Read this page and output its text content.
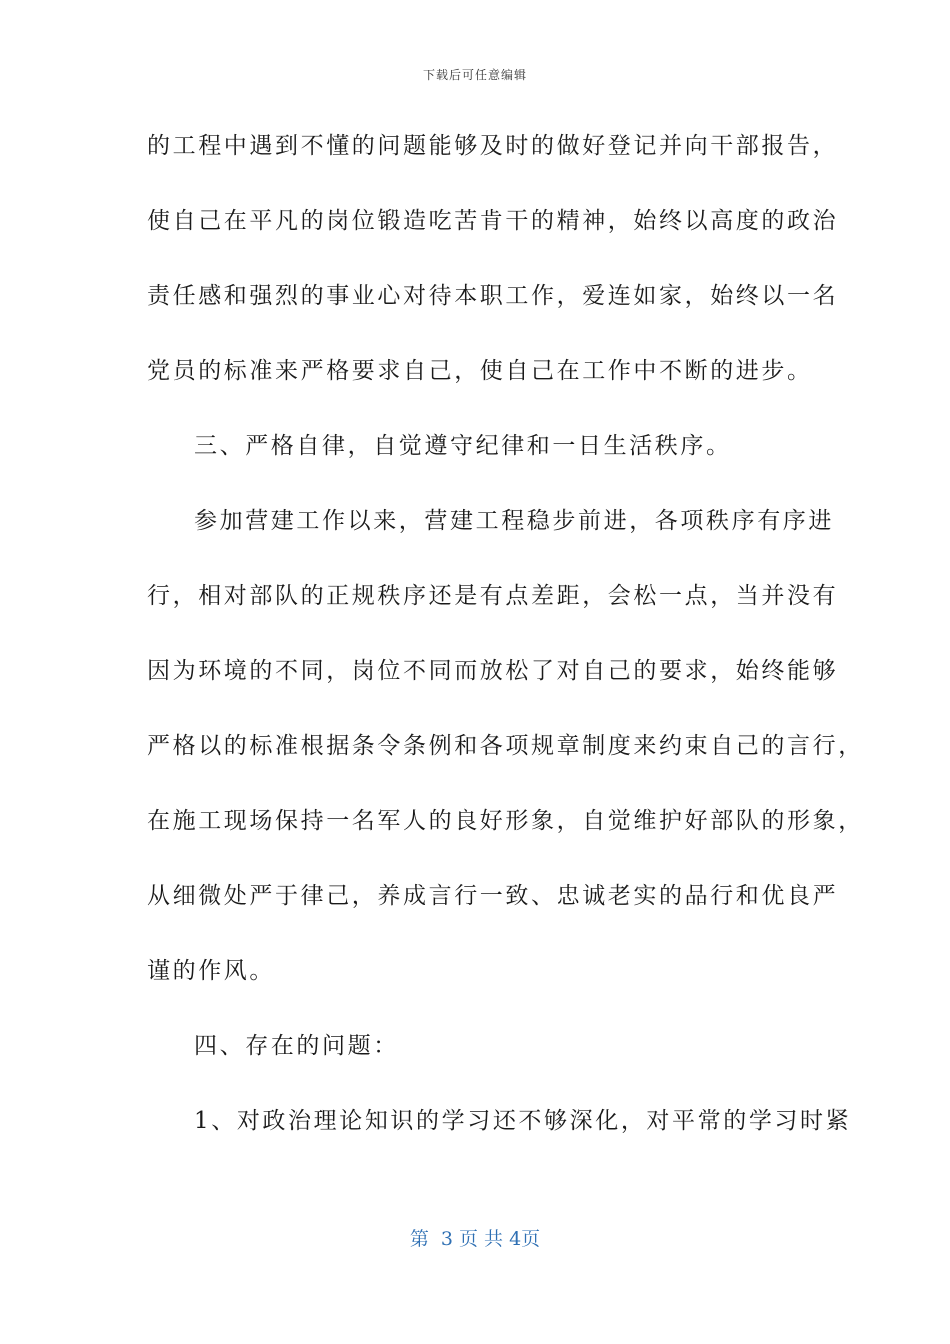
下载后可任意编辑
的工程中遇到不懂的问题能够及时的做好登记并向干部报告，
使自己在平凡的岗位锻造吃苦肯干的精神，始终以高度的政治
责任感和强烈的事业心对待本职工作，爱连如家，始终以一名
党员的标准来严格要求自己，使自己在工作中不断的进步。
三、严格自律，自觉遵守纪律和一日生活秩序。
参加营建工作以来，营建工程稳步前进，各项秩序有序进
行，相对部队的正规秩序还是有点差距，会松一点，当并没有
因为环境的不同，岗位不同而放松了对自己的要求，始终能够
严格以的标准根据条令条例和各项规章制度来约束自己的言行，
在施工现场保持一名军人的良好形象，自觉维护好部队的形象，
从细微处严于律己，养成言行一致、忠诚老实的品行和优良严
谨的作风。
四、存在的问题：
1、对政治理论知识的学习还不够深化，对平常的学习时紧
第  3 页 共 4页
